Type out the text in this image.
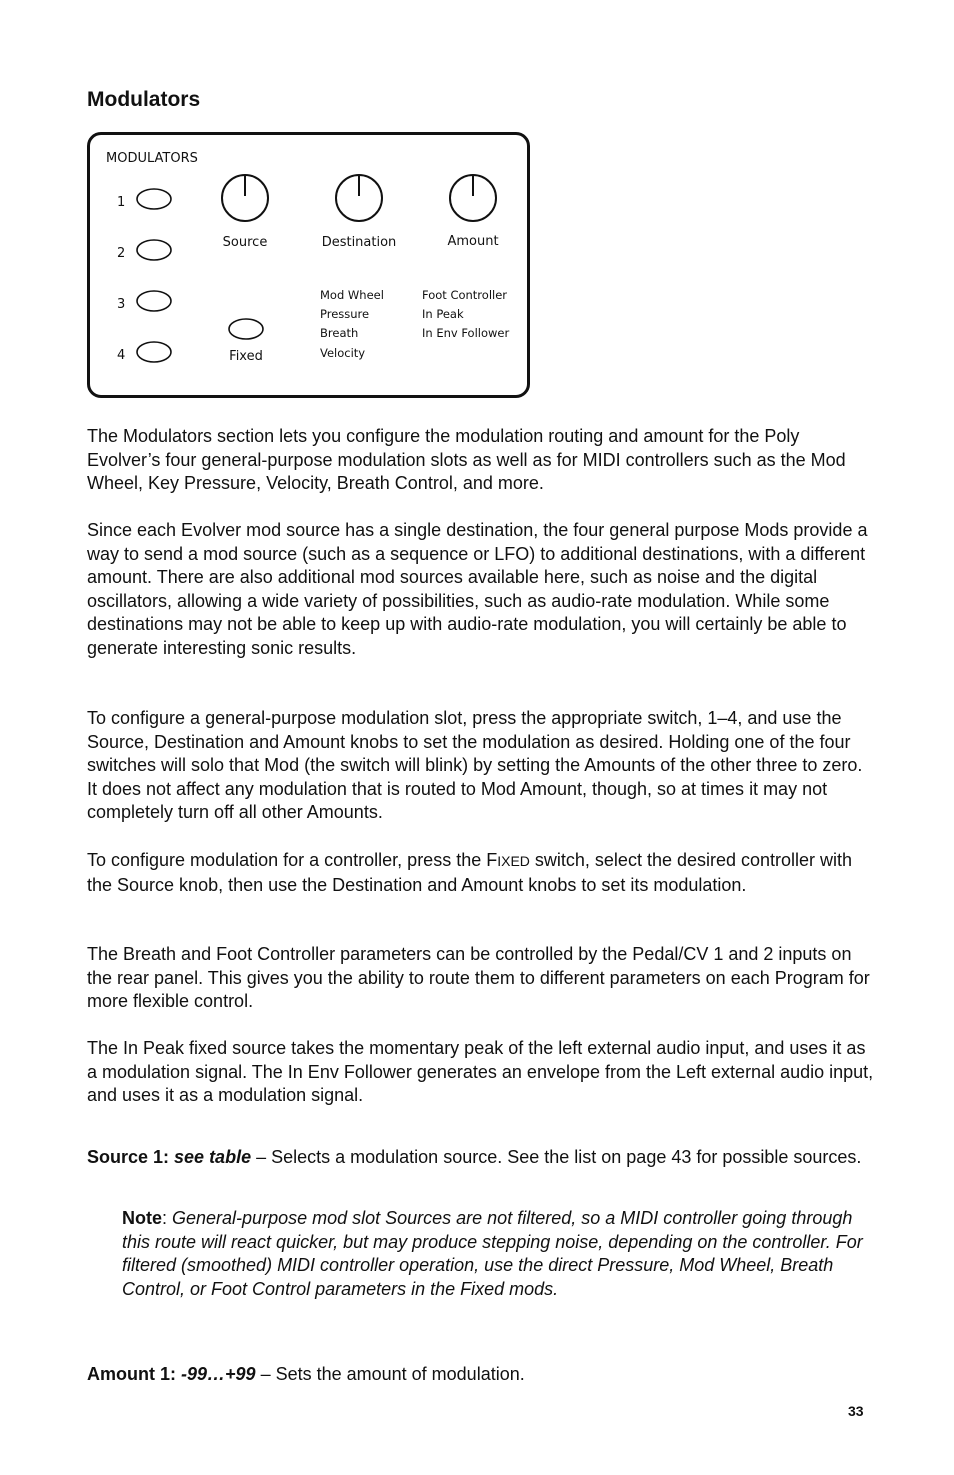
Modulators
MODULATORS
1
2
3
4
Source	Destination	Amount
Fixed
Mod Wheel
Pressure
Breath
Velocity
Foot Controller
In Peak
In Env Follower

The Modulators section lets you configure the modulation routing and amount for the Poly Evolver’s four general-purpose modulation slots as well as for MIDI controllers such as the Mod Wheel, Key Pressure, Velocity, Breath Control, and more.

Since each Evolver mod source has a single destination, the four general purpose Mods provide a way to send a mod source (such as a sequence or LFO) to additional destinations, with a different amount. There are also additional mod sources available here, such as noise and the digital oscillators, allowing a wide variety of possibilities, such as audio-rate modulation. While some destinations may not be able to keep up with audio-rate modulation, you will certainly be able to generate interesting sonic results.

To configure a general-purpose modulation slot, press the appropriate switch, 1–4, and use the Source, Destination and Amount knobs to set the modulation as desired. Holding one of the four switches will solo that Mod (the switch will blink) by setting the Amounts of the other three to zero. It does not affect any modulation that is routed to Mod Amount, though, so at times it may not completely turn off all other Amounts.

To configure modulation for a controller, press the FIXED switch, select the desired controller with the Source knob, then use the Destination and Amount knobs to set its modulation.

The Breath and Foot Controller parameters can be controlled by the Pedal/CV 1 and 2 inputs on the rear panel. This gives you the ability to route them to different parameters on each Program for more flexible control.

The In Peak fixed source takes the momentary peak of the left external audio input, and uses it as a modulation signal. The In Env Follower generates an envelope from the Left external audio input, and uses it as a modulation signal.

Source 1: see table – Selects a modulation source. See the list on page 43 for possible sources.

Note: General-purpose mod slot Sources are not filtered, so a MIDI controller going through this route will react quicker, but may produce stepping noise, depending on the controller. For filtered (smoothed) MIDI controller operation, use the direct Pressure, Mod Wheel, Breath Control, or Foot Control parameters in the Fixed mods.

Amount 1: -99…+99 – Sets the amount of modulation.

33
